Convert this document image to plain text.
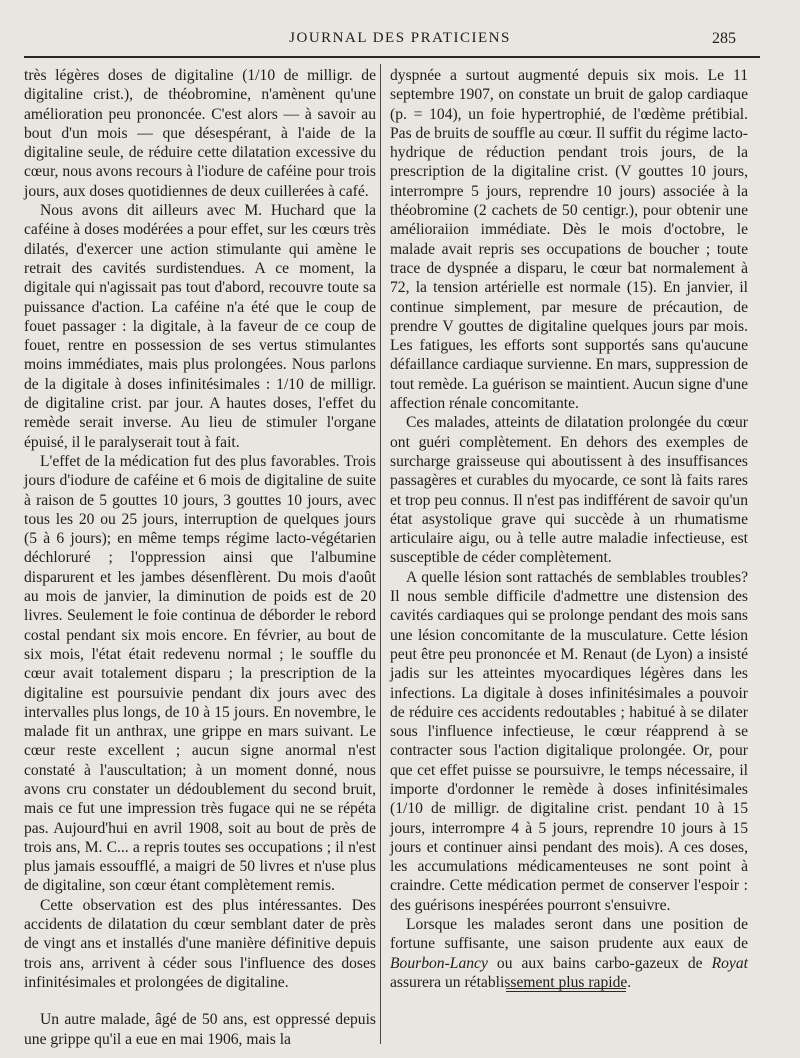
JOURNAL DES PRATICIENS	285

très légères doses de digitaline (1/10 de milligr. de digitaline crist.), de théobromine, n'amènent qu'une amélioration peu prononcée. C'est alors — à savoir au bout d'un mois — que désespérant, à l'aide de la digitaline seule, de réduire cette dilatation excessive du cœur, nous avons recours à l'iodure de caféine pour trois jours, aux doses quotidiennes de deux cuillerées à café.

Nous avons dit ailleurs avec M. Huchard que la caféine à doses modérées a pour effet, sur les cœurs très dilatés, d'exercer une action stimulante qui amène le retrait des cavités surdistendues. A ce moment, la digitale qui n'agissait pas tout d'abord, recouvre toute sa puissance d'action. La caféine n'a été que le coup de fouet passager : la digitale, à la faveur de ce coup de fouet, rentre en possession de ses vertus stimulantes moins immédiates, mais plus prolongées. Nous parlons de la digitale à doses infinitésimales : 1/10 de milligr. de digitaline crist. par jour. A hautes doses, l'effet du remède serait inverse. Au lieu de stimuler l'organe épuisé, il le paralyserait tout à fait.

L'effet de la médication fut des plus favorables. Trois jours d'iodure de caféine et 6 mois de digitaline de suite à raison de 5 gouttes 10 jours, 3 gouttes 10 jours, avec tous les 20 ou 25 jours, interruption de quelques jours (5 à 6 jours); en même temps régime lacto-végétarien déchloruré ; l'oppression ainsi que l'albumine disparurent et les jambes désenflèrent. Du mois d'août au mois de janvier, la diminution de poids est de 20 livres. Seulement le foie continua de déborder le rebord costal pendant six mois encore. En février, au bout de six mois, l'état était redevenu normal ; le souffle du cœur avait totalement disparu ; la prescription de la digitaline est poursuivie pendant dix jours avec des intervalles plus longs, de 10 à 15 jours. En novembre, le malade fit un anthrax, une grippe en mars suivant. Le cœur reste excellent ; aucun signe anormal n'est constaté à l'auscultation; à un moment donné, nous avons cru constater un dédoublement du second bruit, mais ce fut une impression très fugace qui ne se répéta pas. Aujourd'hui en avril 1908, soit au bout de près de trois ans, M. C... a repris toutes ses occupations ; il n'est plus jamais essoufflé, a maigri de 50 livres et n'use plus de digitaline, son cœur étant complètement remis.

Cette observation est des plus intéressantes. Des accidents de dilatation du cœur semblant dater de près de vingt ans et installés d'une manière définitive depuis trois ans, arrivent à céder sous l'influence des doses infinitésimales et prolongées de digitaline.

Un autre malade, âgé de 50 ans, est oppressé depuis une grippe qu'il a eue en mai 1906, mais la

dyspnée a surtout augmenté depuis six mois. Le 11 septembre 1907, on constate un bruit de galop cardiaque (p. = 104), un foie hypertrophié, de l'œdème prétibial. Pas de bruits de souffle au cœur. Il suffit du régime lacto-hydrique de réduction pendant trois jours, de la prescription de la digitaline crist. (V gouttes 10 jours, interrompre 5 jours, reprendre 10 jours) associée à la théobromine (2 cachets de 50 centigr.), pour obtenir une amélioraiion immédiate. Dès le mois d'octobre, le malade avait repris ses occupations de boucher ; toute trace de dyspnée a disparu, le cœur bat normalement à 72, la tension artérielle est normale (15). En janvier, il continue simplement, par mesure de précaution, de prendre V gouttes de digitaline quelques jours par mois. Les fatigues, les efforts sont supportés sans qu'aucune défaillance cardiaque survienne. En mars, suppression de tout remède. La guérison se maintient. Aucun signe d'une affection rénale concomitante.

Ces malades, atteints de dilatation prolongée du cœur ont guéri complètement. En dehors des exemples de surcharge graisseuse qui aboutissent à des insuffisances passagères et curables du myocarde, ce sont là faits rares et trop peu connus. Il n'est pas indifférent de savoir qu'un état asystolique grave qui succède à un rhumatisme articulaire aigu, ou à telle autre maladie infectieuse, est susceptible de céder complètement.

A quelle lésion sont rattachés de semblables troubles? Il nous semble difficile d'admettre une distension des cavités cardiaques qui se prolonge pendant des mois sans une lésion concomitante de la musculature. Cette lésion peut être peu prononcée et M. Renaut (de Lyon) a insisté jadis sur les atteintes myocardiques légères dans les infections. La digitale à doses infinitésimales a pouvoir de réduire ces accidents redoutables ; habitué à se dilater sous l'influence infectieuse, le cœur réapprend à se contracter sous l'action digitalique prolongée. Or, pour que cet effet puisse se poursuivre, le temps nécessaire, il importe d'ordonner le remède à doses infinitésimales (1/10 de milligr. de digitaline crist. pendant 10 à 15 jours, interrompre 4 à 5 jours, reprendre 10 jours à 15 jours et continuer ainsi pendant des mois). A ces doses, les accumulations médicamenteuses ne sont point à craindre. Cette médication permet de conserver l'espoir : des guérisons inespérées pourront s'ensuivre.

Lorsque les malades seront dans une position de fortune suffisante, une saison prudente aux eaux de Bourbon-Lancy ou aux bains carbo-gazeux de Royat assurera un rétablissement plus rapide.
